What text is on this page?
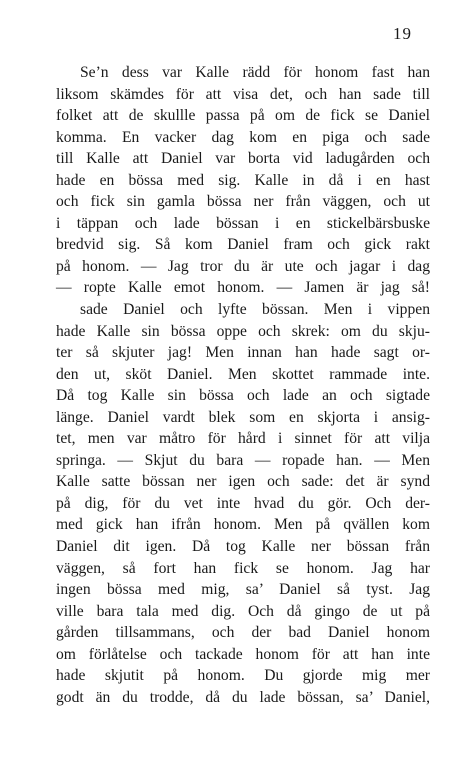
19
Se’n dess var Kalle rädd för honom fast han
liksom skämdes för att visa det, och han sade till
folket att de skullle passa på om de fick se Daniel
komma. En vacker dag kom en piga och sade
till Kalle att Daniel var borta vid ladugården och
hade en bössa med sig. Kalle in då i en hast
och fick sin gamla bössa ner från väggen, och ut
i täppan och lade bössan i en stickelbärsbuske
bredvid sig. Så kom Daniel fram och gick rakt
på honom. — Jag tror du är ute och jagar i dag
— ropte Kalle emot honom. — Jamen är jag så!
sade Daniel och lyfte bössan. Men i vippen
hade Kalle sin bössa oppe och skrek: om du skju-
ter så skjuter jag! Men innan han hade sagt or-
den ut, sköt Daniel. Men skottet rammade inte.
Då tog Kalle sin bössa och lade an och sigtade
länge. Daniel vardt blek som en skjorta i ansig-
tet, men var måtro för hård i sinnet för att vilja
springa. — Skjut du bara — ropade han. — Men
Kalle satte bössan ner igen och sade: det är synd
på dig, för du vet inte hvad du gör. Och der-
med gick han ifrån honom. Men på qvällen kom
Daniel dit igen. Då tog Kalle ner bössan från
väggen, så fort han fick se honom. Jag har
ingen bössa med mig, sa’ Daniel så tyst. Jag
ville bara tala med dig. Och då gingo de ut på
gården tillsammans, och der bad Daniel honom
om förlåtelse och tackade honom för att han inte
hade skjutit på honom. Du gjorde mig mer
godt än du trodde, då du lade bössan, sa’ Daniel,
